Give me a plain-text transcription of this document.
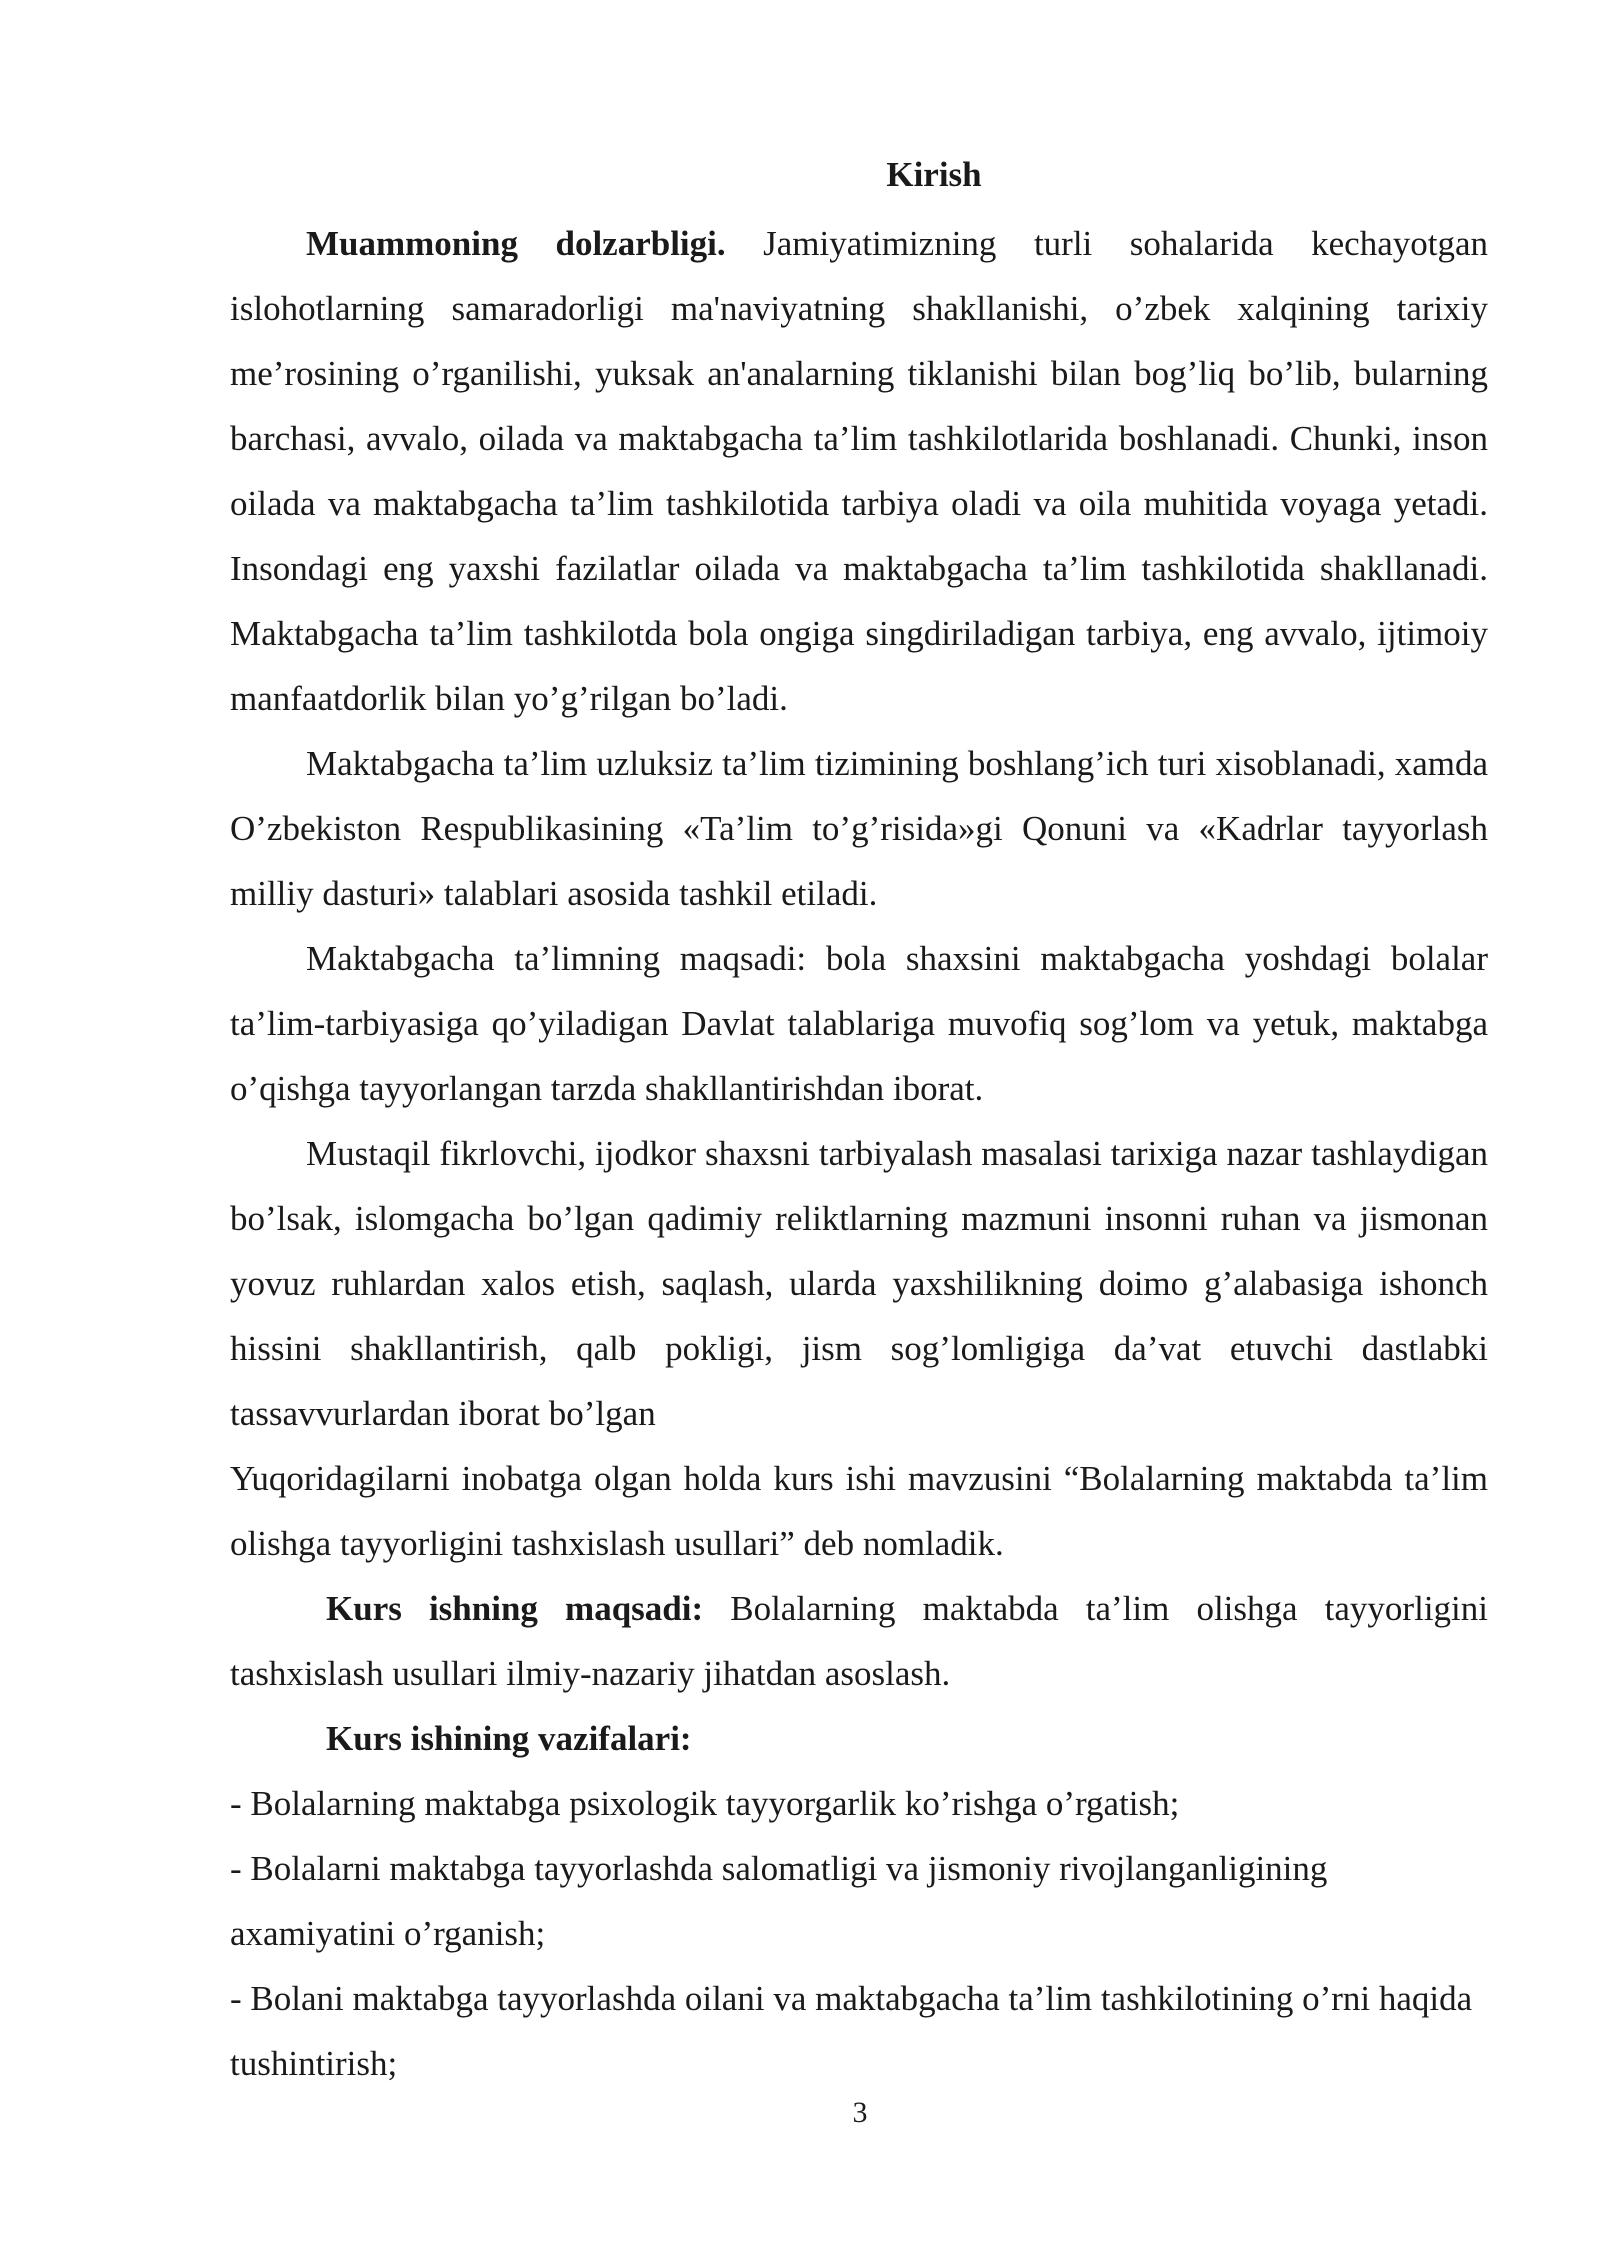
Kirish

Muammoning dolzarbligi. Jamiyatimizning turli sohalarida kechayotgan islohotlarning samaradorligi ma'naviyatning shakllanishi, o’zbek xalqining tarixiy me’rosining o’rganilishi, yuksak an'analarning tiklanishi bilan bog’liq bo’lib, bularning barchasi, avvalo, oilada va maktabgacha ta’lim tashkilotlarida boshlanadi. Chunki, inson oilada va maktabgacha ta’lim tashkilotida tarbiya oladi va oila muhitida voyaga yetadi. Insondagi eng yaxshi fazilatlar oilada va maktabgacha ta’lim tashkilotida shakllanadi. Maktabgacha ta’lim tashkilotda bola ongiga singdiriladigan tarbiya, eng avvalo, ijtimoiy manfaatdorlik bilan yo’g’rilgan bo’ladi.

Maktabgacha ta’lim uzluksiz ta’lim tizimining boshlang’ich turi xisoblanadi, xamda O’zbekiston Respublikasining «Ta’lim to’g’risida»gi Qonuni va «Kadrlar tayyorlash milliy dasturi» talablari asosida tashkil etiladi.

Maktabgacha ta’limning maqsadi: bola shaxsini maktabgacha yoshdagi bolalar ta’lim-tarbiyasiga qo’yiladigan Davlat talablariga muvofiq sog’lom va yetuk, maktabga o’qishga tayyorlangan tarzda shakllantirishdan iborat.

Mustaqil fikrlovchi, ijodkor shaxsni tarbiyalash masalasi tarixiga nazar tashlaydigan bo’lsak, islomgacha bo’lgan qadimiy reliktlarning mazmuni insonni ruhan va jismonan yovuz ruhlardan xalos etish, saqlash, ularda yaxshilikning doimo g’alabasiga ishonch hissini shakllantirish, qalb pokligi, jism sog’lomligiga da’vat etuvchi dastlabki tassavvurlardan iborat bo’lgan

Yuqoridagilarni inobatga olgan holda kurs ishi mavzusini “Bolalarning maktabda ta’lim olishga tayyorligini tashxislash usullari” deb nomladik.

Kurs ishning maqsadi: Bolalarning maktabda ta’lim olishga tayyorligini tashxislash usullari ilmiy-nazariy jihatdan asoslash.

Kurs ishining vazifalari:

- Bolalarning maktabga psixologik tayyorgarlik ko’rishga o’rgatish;

- Bolalarni maktabga tayyorlashda salomatligi va jismoniy rivojlanganligining axamiyatini o’rganish;

- Bolani maktabga tayyorlashda oilani va maktabgacha ta’lim tashkilotining o’rni haqida tushintirish;

3
